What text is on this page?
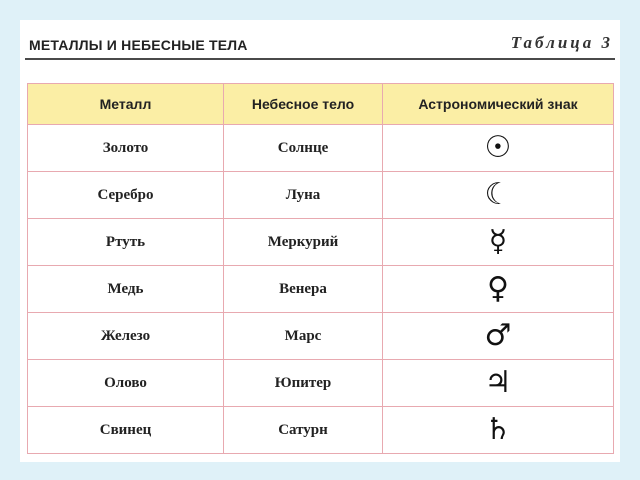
МЕТАЛЛЫ И НЕБЕСНЫЕ ТЕЛА	Таблица 3
Металл	Небесное тело	Астрономический знак
Золото	Солнце	☉
Серебро	Луна	☾
Ртуть	Меркурий	☿
Медь	Венера	♀
Железо	Марс	♂
Олово	Юпитер	♃
Свинец	Сатурн	♄
